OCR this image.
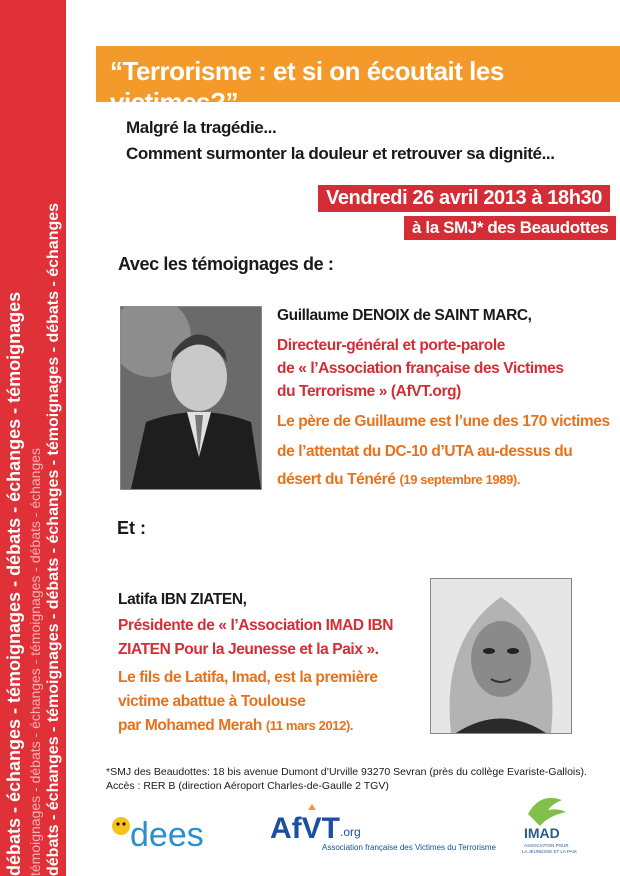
débats - échanges - témoignages - débats - échanges - témoignages témoignages - débats - échanges - témoignages - débats - échanges débats - échanges - témoignages - débats - échanges - témoignages - débats - échanges
“Terrorisme : et si on écoutait les victimes?”
Malgré la tragédie...
Comment surmonter la douleur et retrouver sa dignité...
Vendredi 26 avril 2013 à 18h30
à la SMJ* des Beaudottes
Avec les témoignages de :
Guillaume DENOIX de SAINT MARC,
Directeur-général et porte-parole
de « l’Association française des Victimes
du Terrorisme » (AfVT.org)
Le père de Guillaume est l’une des 170 victimes
de l’attentat du DC-10 d’UTA au-dessus du
désert du Ténéré (19 septembre 1989).
Et :
Latifa IBN ZIATEN,
Présidente de « l’Association IMAD IBN
ZIATEN Pour la Jeunesse et la Paix ».
Le fils de Latifa, Imad, est la première
victime abattue à Toulouse
par Mohamed Merah (11 mars 2012).
*SMJ des Beaudottes: 18 bis avenue Dumont d’Urville 93270 Sevran (près du collège Evariste-Gallois).
Accès : RER B (direction Aéroport Charles-de-Gaulle 2 TGV)
dees AfVT .org
Association française des Victimes du Terrorisme
IMAD
ASSOCIATION POUR
LA JEUNESSE ET LA PAIX
